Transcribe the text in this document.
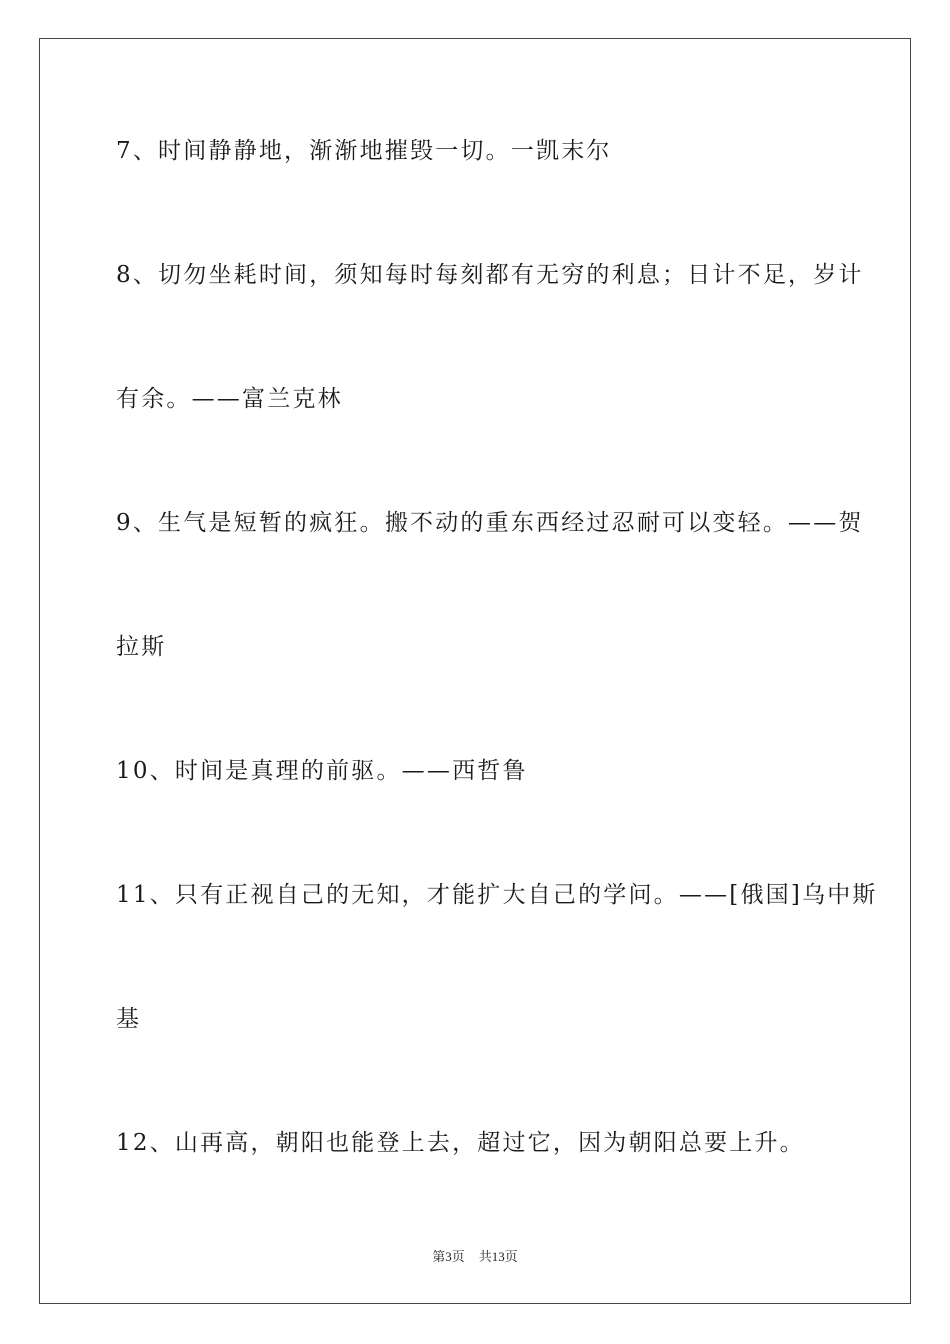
7、时间静静地，渐渐地摧毁一切。一凯末尔
8、切勿坐耗时间，须知每时每刻都有无穷的利息；日计不足，岁计
有余。——富兰克林
9、生气是短暂的疯狂。搬不动的重东西经过忍耐可以变轻。——贺
拉斯
10、时间是真理的前驱。——西哲鲁
11、只有正视自己的无知，才能扩大自己的学问。——[俄国]乌中斯
基
12、山再高，朝阳也能登上去，超过它，因为朝阳总要上升。
第3页 共13页
